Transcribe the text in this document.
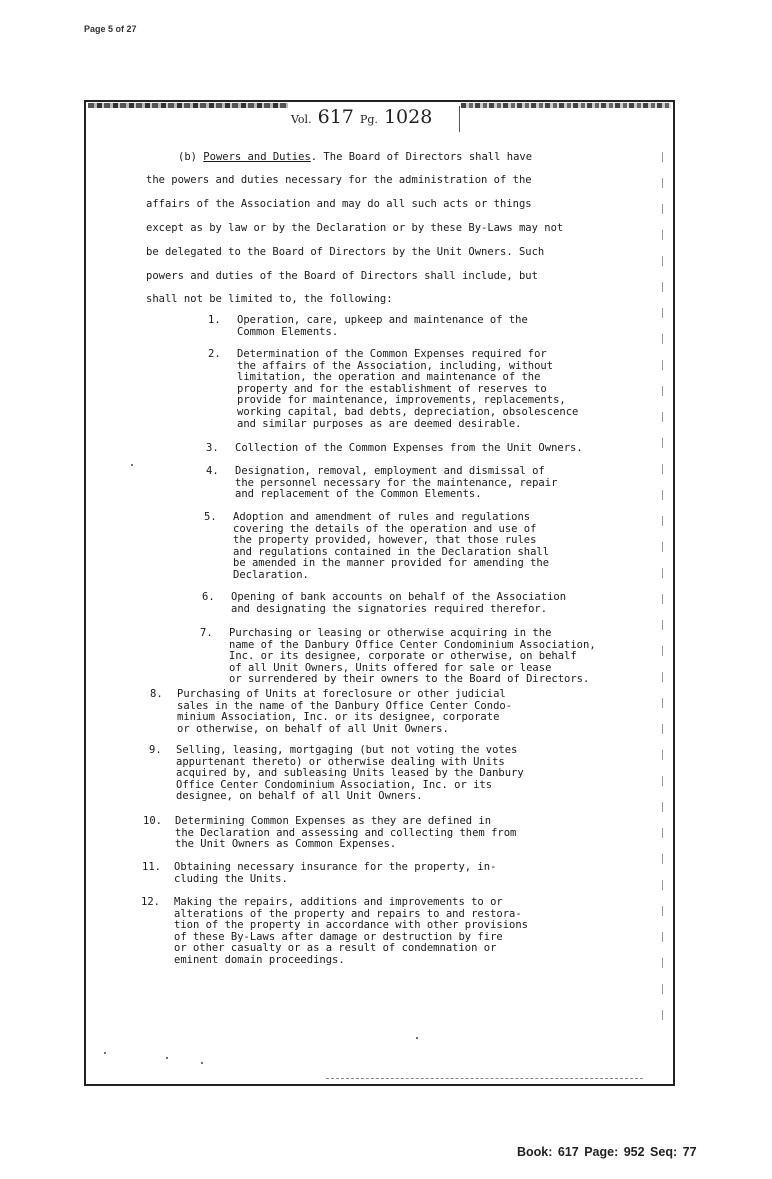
Page 5 of 27
Vol. 617 Pg. 1028

(b) Powers and Duties. The Board of Directors shall have

the powers and duties necessary for the administration of the

affairs of the Association and may do all such acts or things

except as by law or by the Declaration or by these By-Laws may not

be delegated to the Board of Directors by the Unit Owners. Such

powers and duties of the Board of Directors shall include, but

shall not be limited to, the following:

1. Operation, care, upkeep and maintenance of the
Common Elements.
2. Determination of the Common Expenses required for
the affairs of the Association, including, without
limitation, the operation and maintenance of the
property and for the establishment of reserves to
provide for maintenance, improvements, replacements,
working capital, bad debts, depreciation, obsolescence
and similar purposes as are deemed desirable.
3. Collection of the Common Expenses from the Unit Owners.
4. Designation, removal, employment and dismissal of
the personnel necessary for the maintenance, repair
and replacement of the Common Elements.
5. Adoption and amendment of rules and regulations
covering the details of the operation and use of
the property provided, however, that those rules
and regulations contained in the Declaration shall
be amended in the manner provided for amending the
Declaration.
6. Opening of bank accounts on behalf of the Association
and designating the signatories required therefor.
7. Purchasing or leasing or otherwise acquiring in the
name of the Danbury Office Center Condominium Association,
Inc. or its designee, corporate or otherwise, on behalf
of all Unit Owners, Units offered for sale or lease
or surrendered by their owners to the Board of Directors.
8. Purchasing of Units at foreclosure or other judicial
sales in the name of the Danbury Office Center Condo-
minium Association, Inc. or its designee, corporate
or otherwise, on behalf of all Unit Owners.
9. Selling, leasing, mortgaging (but not voting the votes
appurtenant thereto) or otherwise dealing with Units
acquired by, and subleasing Units leased by the Danbury
Office Center Condominium Association, Inc. or its
designee, on behalf of all Unit Owners.
10. Determining Common Expenses as they are defined in
the Declaration and assessing and collecting them from
the Unit Owners as Common Expenses.
11. Obtaining necessary insurance for the property, in-
cluding the Units.
12. Making the repairs, additions and improvements to or
alterations of the property and repairs to and restora-
tion of the property in accordance with other provisions
of these By-Laws after damage or destruction by fire
or other casualty or as a result of condemnation or
eminent domain proceedings.
Book: 617 Page: 952 Seq: 77
